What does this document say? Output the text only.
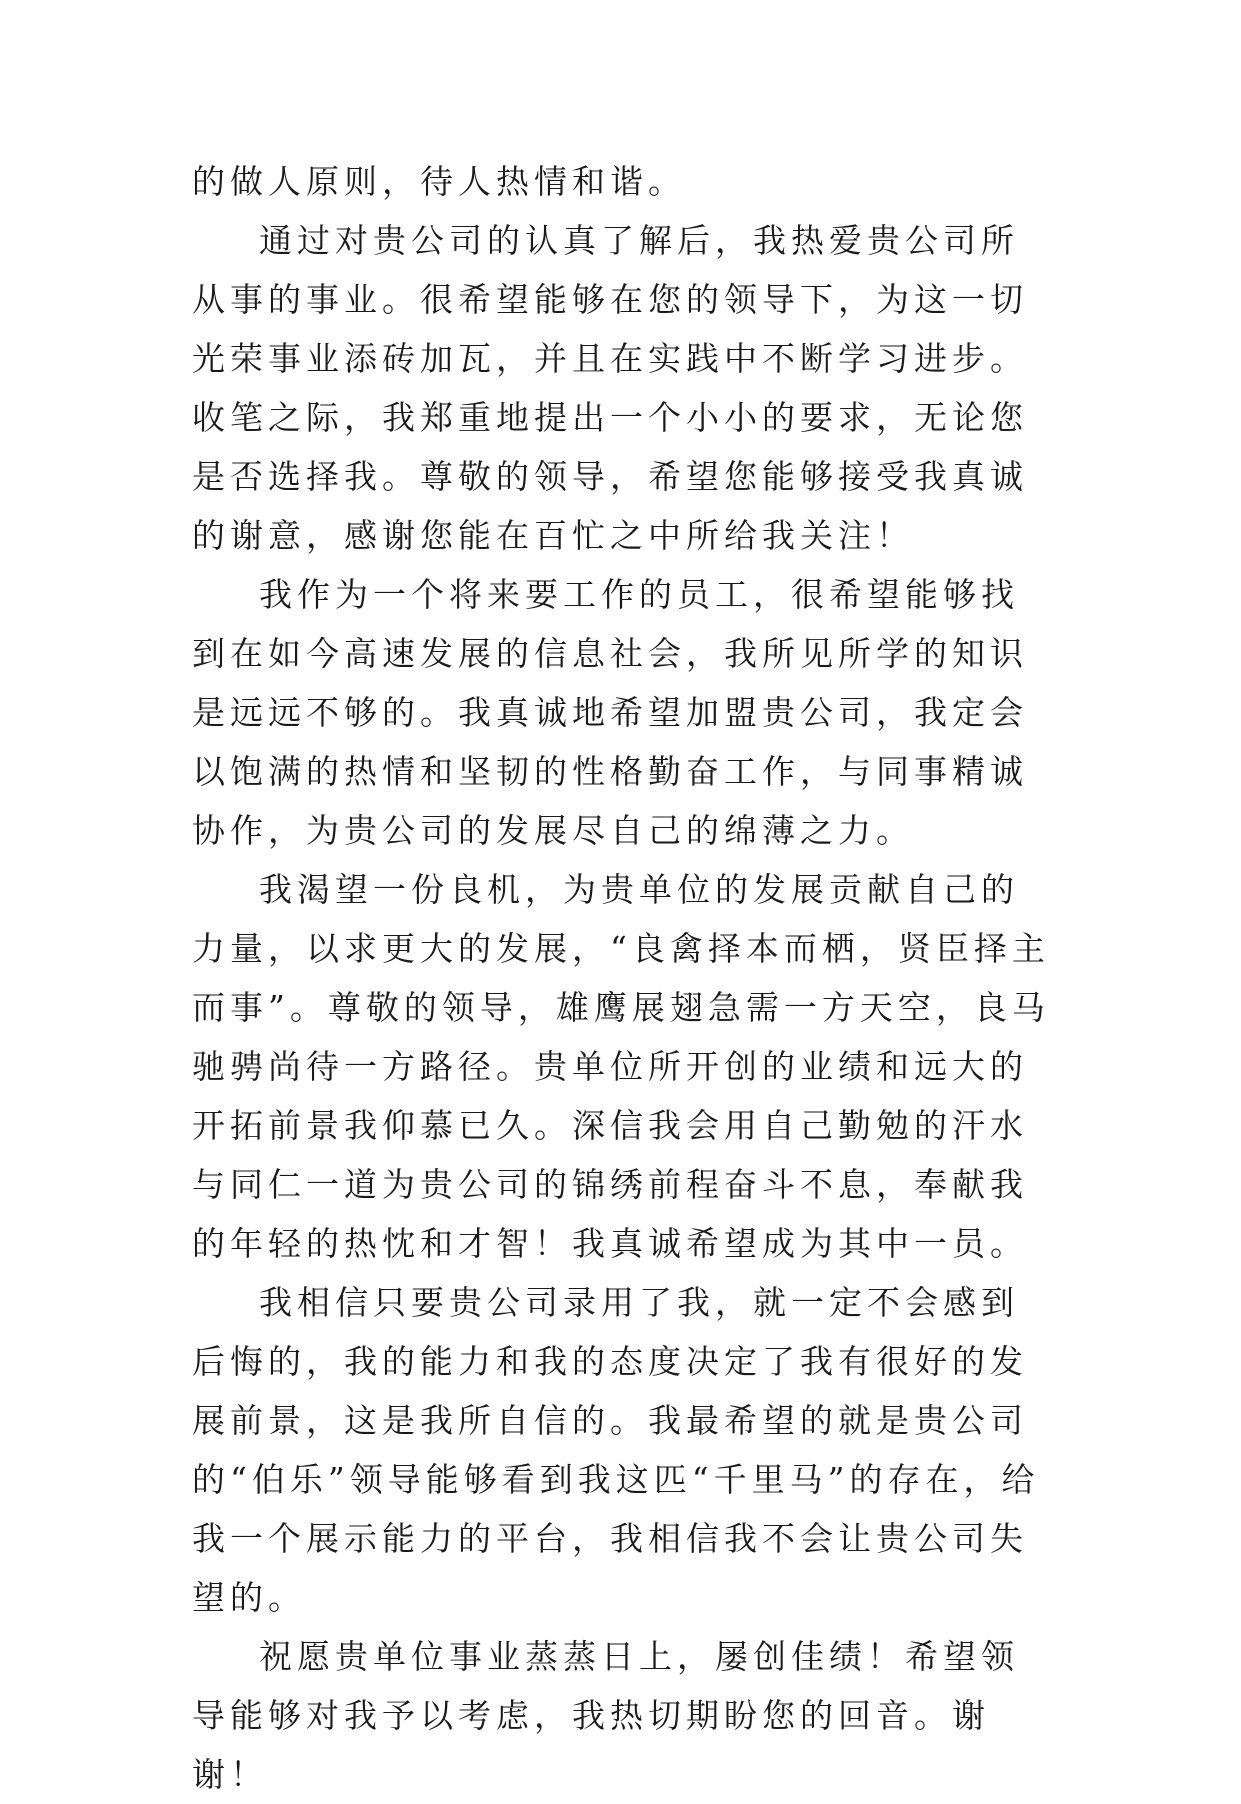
的做人原则，待人热情和谐。

通过对贵公司的认真了解后，我热爱贵公司所从事的事业。很希望能够在您的领导下，为这一切光荣事业添砖加瓦，并且在实践中不断学习进步。收笔之际，我郑重地提出一个小小的要求，无论您是否选择我。尊敬的领导，希望您能够接受我真诚的谢意，感谢您能在百忙之中所给我关注！

我作为一个将来要工作的员工，很希望能够找到在如今高速发展的信息社会，我所见所学的知识是远远不够的。我真诚地希望加盟贵公司，我定会以饱满的热情和坚韧的性格勤奋工作，与同事精诚协作，为贵公司的发展尽自己的绵薄之力。

我渴望一份良机，为贵单位的发展贡献自己的力量，以求更大的发展，“良禽择本而栖，贤臣择主而事”。尊敬的领导，雄鹰展翅急需一方天空，良马驰骋尚待一方路径。贵单位所开创的业绩和远大的开拓前景我仰慕已久。深信我会用自己勤勉的汗水与同仁一道为贵公司的锦绣前程奋斗不息，奉献我的年轻的热忱和才智！我真诚希望成为其中一员。

我相信只要贵公司录用了我，就一定不会感到后悔的，我的能力和我的态度决定了我有很好的发展前景，这是我所自信的。我最希望的就是贵公司的“伯乐”领导能够看到我这匹“千里马”的存在，给我一个展示能力的平台，我相信我不会让贵公司失望的。

祝愿贵单位事业蒸蒸日上，屡创佳绩！希望领导能够对我予以考虑，我热切期盼您的回音。谢谢！
